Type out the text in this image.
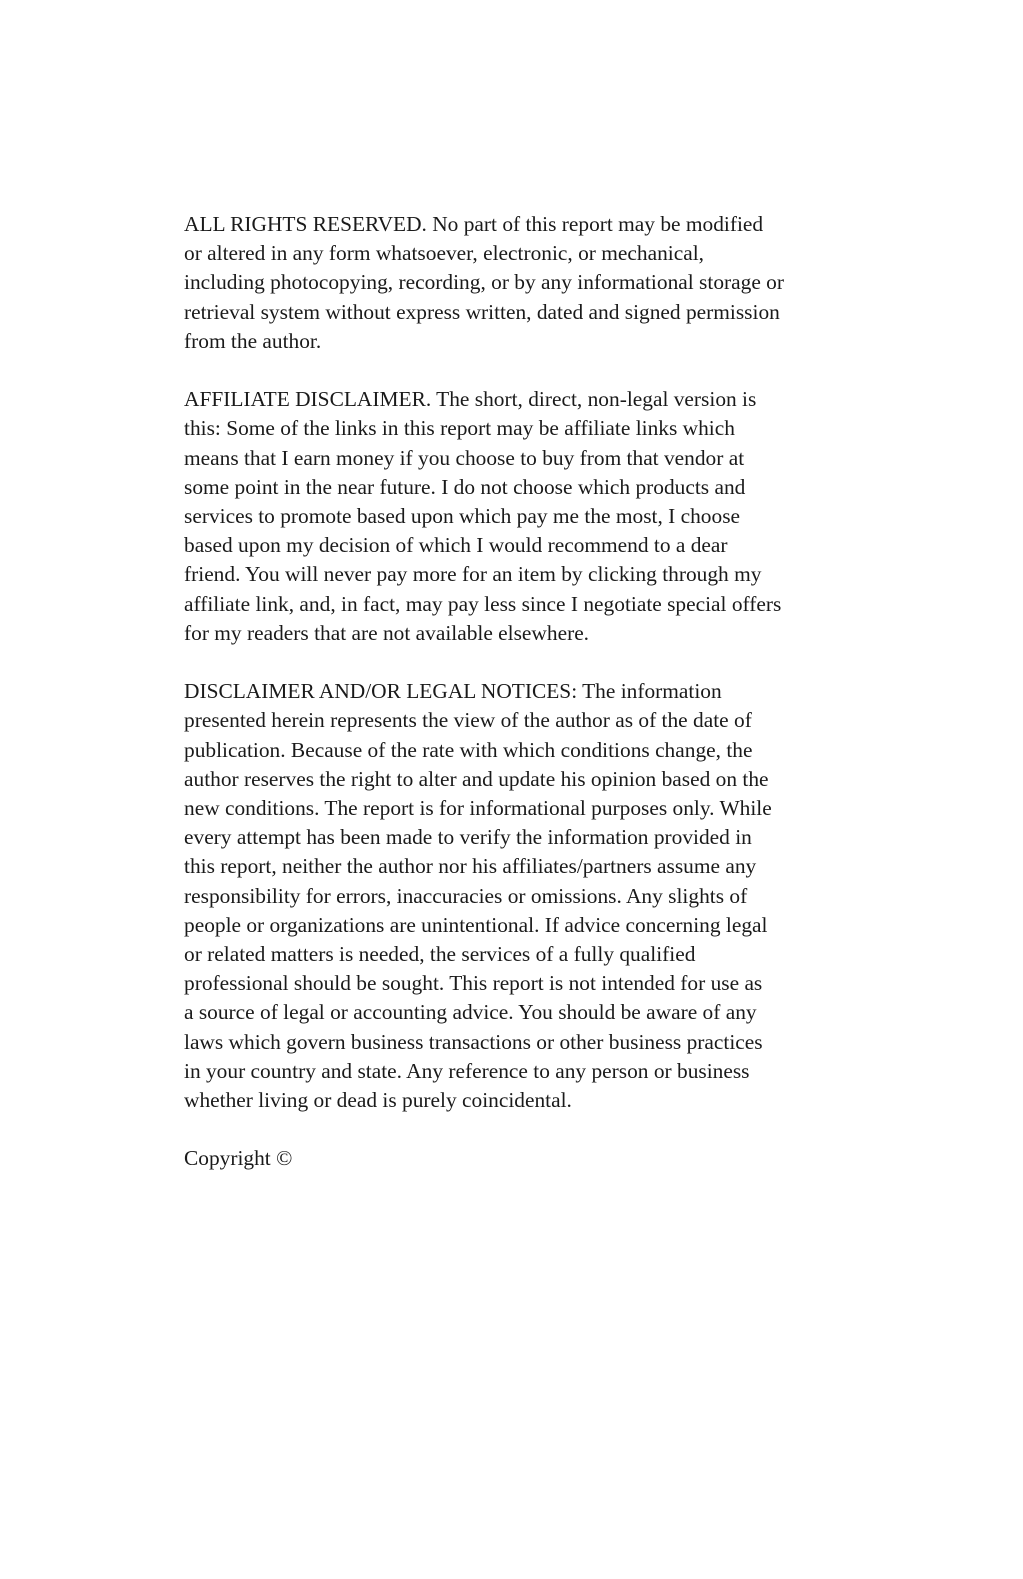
ALL RIGHTS RESERVED. No part of this report may be modified
or altered in any form whatsoever, electronic, or mechanical,
including photocopying, recording, or by any informational storage or
retrieval system without express written, dated and signed permission
from the author.

AFFILIATE DISCLAIMER. The short, direct, non-legal version is
this: Some of the links in this report may be affiliate links which
means that I earn money if you choose to buy from that vendor at
some point in the near future. I do not choose which products and
services to promote based upon which pay me the most, I choose
based upon my decision of which I would recommend to a dear
friend. You will never pay more for an item by clicking through my
affiliate link, and, in fact, may pay less since I negotiate special offers
for my readers that are not available elsewhere.

DISCLAIMER AND/OR LEGAL NOTICES: The information
presented herein represents the view of the author as of the date of
publication. Because of the rate with which conditions change, the
author reserves the right to alter and update his opinion based on the
new conditions. The report is for informational purposes only. While
every attempt has been made to verify the information provided in
this report, neither the author nor his affiliates/partners assume any
responsibility for errors, inaccuracies or omissions. Any slights of
people or organizations are unintentional. If advice concerning legal
or related matters is needed, the services of a fully qualified
professional should be sought. This report is not intended for use as
a source of legal or accounting advice. You should be aware of any
laws which govern business transactions or other business practices
in your country and state. Any reference to any person or business
whether living or dead is purely coincidental.

Copyright ©
